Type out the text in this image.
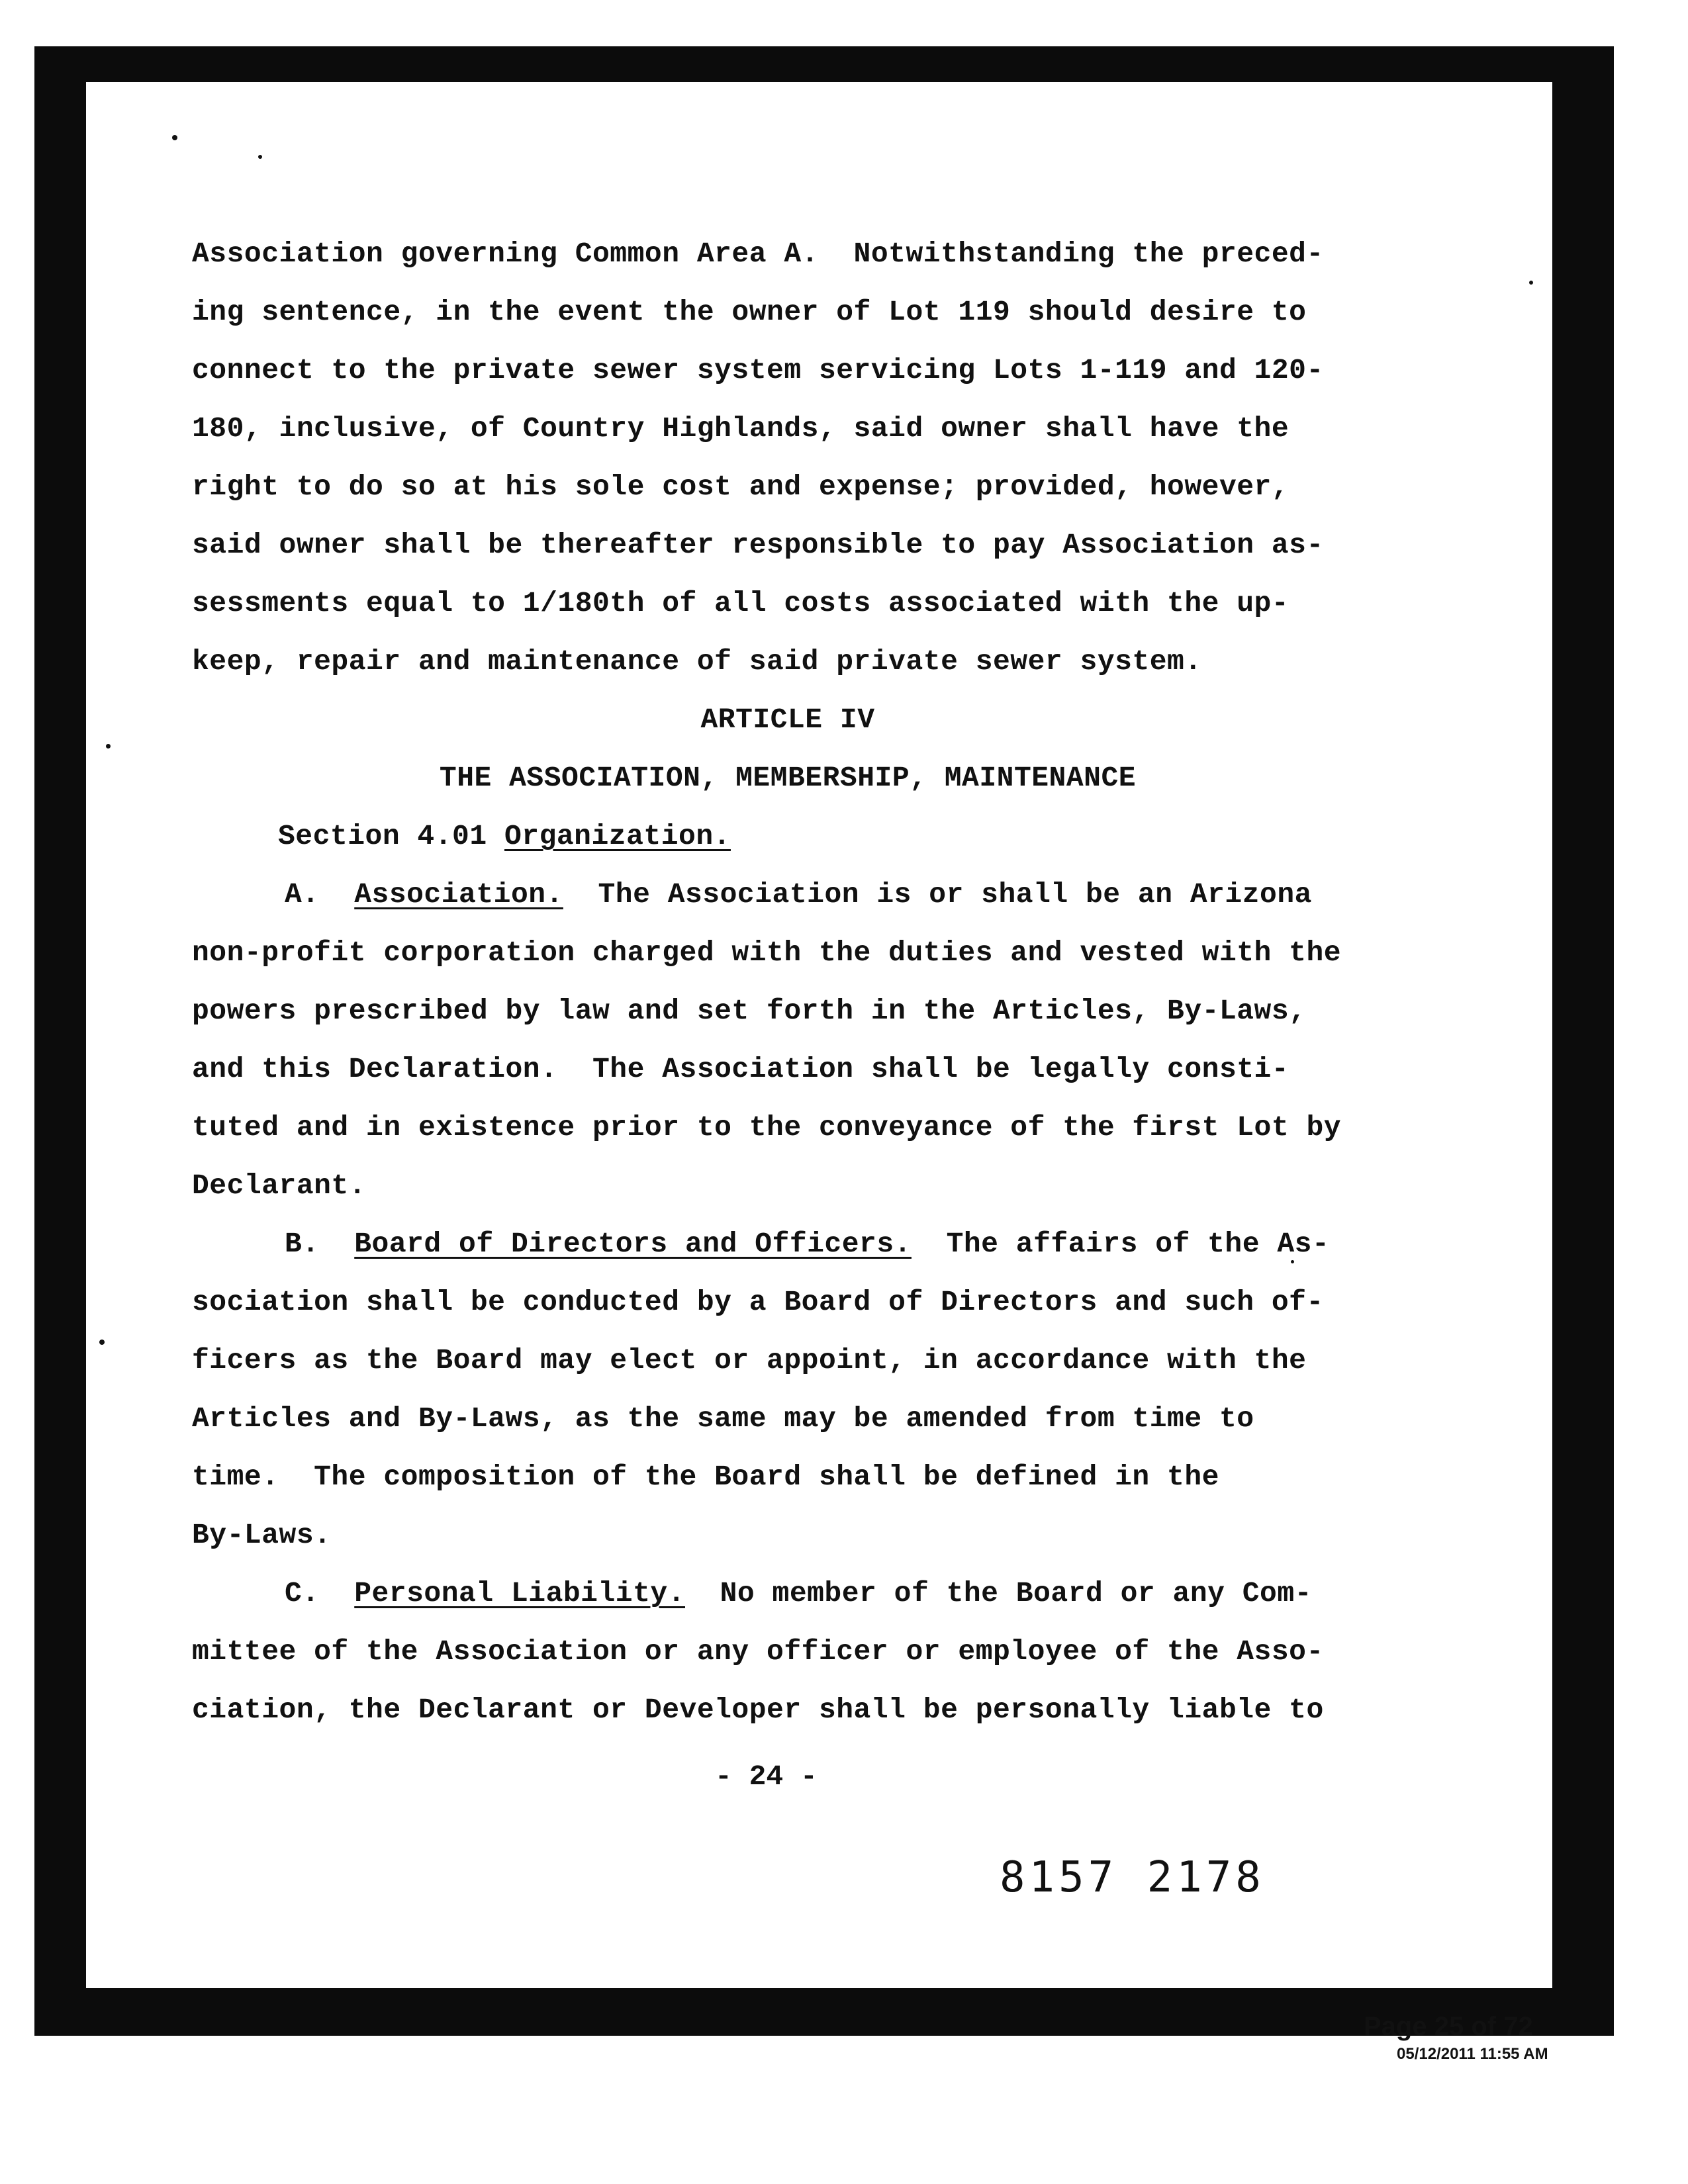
Association governing Common Area A.  Notwithstanding the preced-
ing sentence, in the event the owner of Lot 119 should desire to
connect to the private sewer system servicing Lots 1-119 and 120-
180, inclusive, of Country Highlands, said owner shall have the
right to do so at his sole cost and expense; provided, however,
said owner shall be thereafter responsible to pay Association as-
sessments equal to 1/180th of all costs associated with the up-
keep, repair and maintenance of said private sewer system.
ARTICLE IV
THE ASSOCIATION, MEMBERSHIP, MAINTENANCE
Section 4.01 Organization.
A. Association. The Association is or shall be an Arizona
non-profit corporation charged with the duties and vested with the
powers prescribed by law and set forth in the Articles, By-Laws,
and this Declaration.  The Association shall be legally consti-
tuted and in existence prior to the conveyance of the first Lot by
Declarant.
B. Board of Directors and Officers. The affairs of the As-
sociation shall be conducted by a Board of Directors and such of-
ficers as the Board may elect or appoint, in accordance with the
Articles and By-Laws, as the same may be amended from time to
time.  The composition of the Board shall be defined in the
By-Laws.
C. Personal Liability. No member of the Board or any Com-
mittee of the Association or any officer or employee of the Asso-
ciation, the Declarant or Developer shall be personally liable to
- 24 -
8157 2178
Page 25 of 72
05/12/2011 11:55 AM
